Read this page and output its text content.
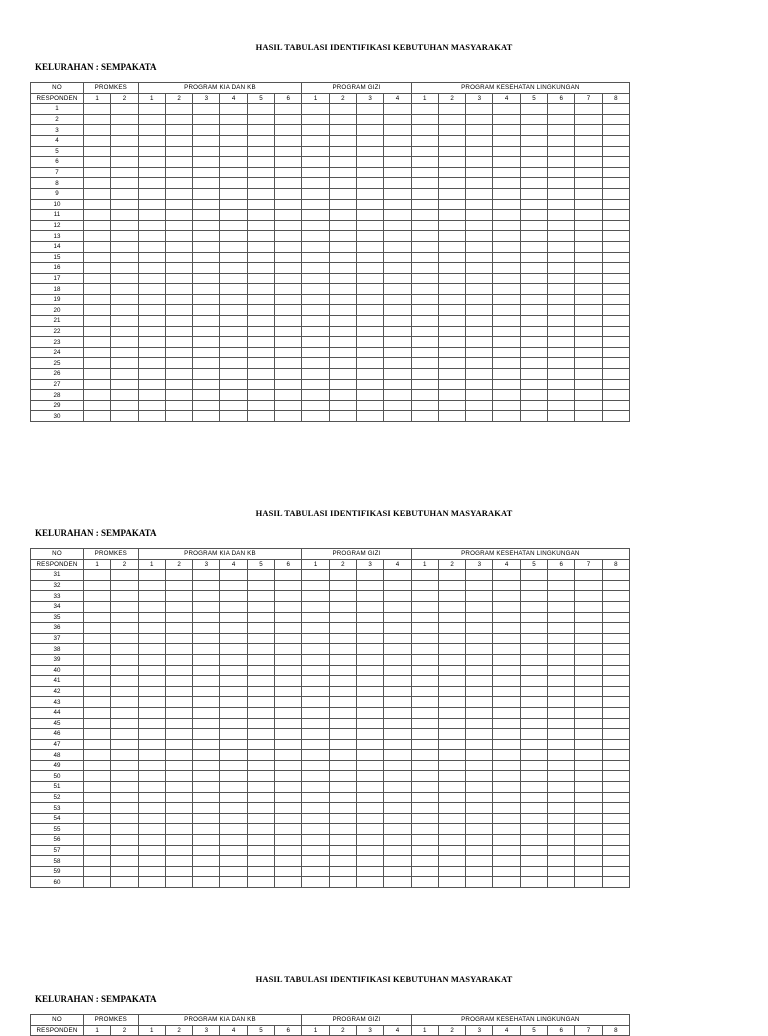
HASIL TABULASI IDENTIFIKASI KEBUTUHAN MASYARAKAT
KELURAHAN : SEMPAKATA
NO	PROMKES		PROGRAM KIA DAN KB						PROGRAM GIZI				PROGRAM KESEHATAN LINGKUNGAN							
RESPONDEN	1	2	1	2	3	4	5	6	1	2	3	4	1	2	3	4	5	6	7	8
1																				
2																				
3																				
4																				
5																				
6																				
7																				
8																				
9																				
10																				
11																				
12																				
13																				
14																				
15																				
16																				
17																				
18																				
19																				
20																				
21																				
22																				
23																				
24																				
25																				
26																				
27																				
28																				
29																				
30																				
HASIL TABULASI IDENTIFIKASI KEBUTUHAN MASYARAKAT
KELURAHAN : SEMPAKATA
NO	PROMKES		PROGRAM KIA DAN KB						PROGRAM GIZI				PROGRAM KESEHATAN LINGKUNGAN							
RESPONDEN	1	2	1	2	3	4	5	6	1	2	3	4	1	2	3	4	5	6	7	8
31																				
32																				
33																				
34																				
35																				
36																				
37																				
38																				
39																				
40																				
41																				
42																				
43																				
44																				
45																				
46																				
47																				
48																				
49																				
50																				
51																				
52																				
53																				
54																				
55																				
56																				
57																				
58																				
59																				
60																				
HASIL TABULASI IDENTIFIKASI KEBUTUHAN MASYARAKAT
KELURAHAN : SEMPAKATA
NO	PROMKES		PROGRAM KIA DAN KB						PROGRAM GIZI				PROGRAM KESEHATAN LINGKUNGAN							
RESPONDEN	1	2	1	2	3	4	5	6	1	2	3	4	1	2	3	4	5	6	7	8
